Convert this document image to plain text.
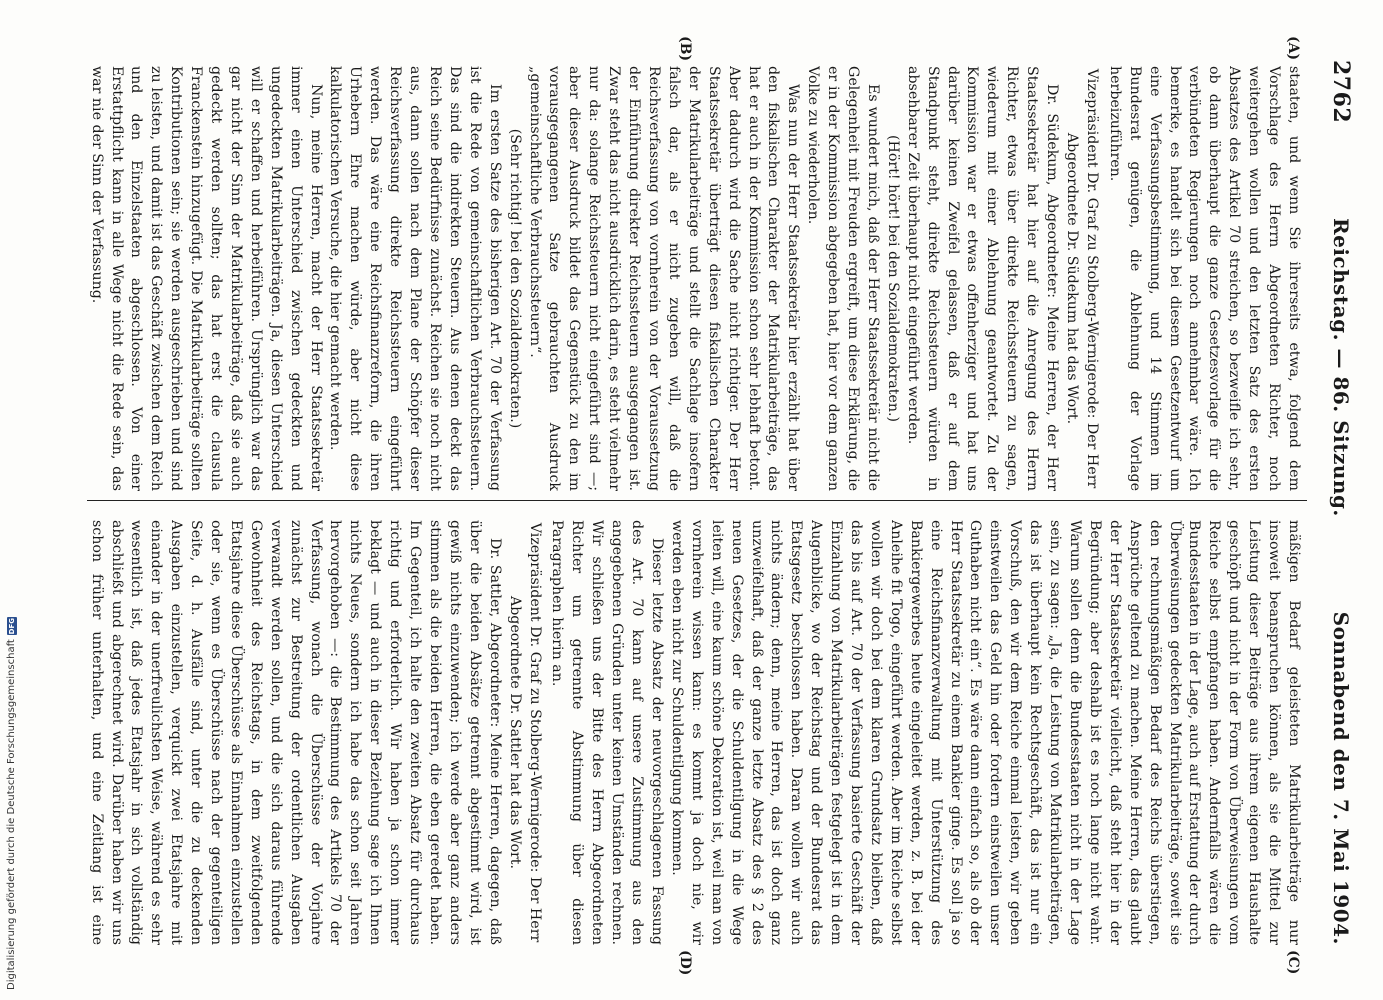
2762
Reichstag. — 86. Sitzung.
Sonnabend den 7. Mai 1904.
(A)
(B)
(C)
(D)

staaten, und wenn Sie ihrerseits etwa, folgend dem Vorschlage des Herrn Abgeordneten Richter, noch weitergehen wollen und den letzten Satz des ersten Absatzes des Artikel 70 streichen, so bezweifle ich sehr, ob dann überhaupt die ganze Gesetzesvorlage für die verbündeten Regierungen noch annehmbar wäre. Ich bemerke, es handelt sich bei diesem Gesetzentwurf um eine Verfassungsbestimmung, und 14 Stimmen im Bundesrat genügen, die Ablehnung der Vorlage herbeizuführen.

Vizepräsident Dr. Graf zu Stolberg-Wernigerode: Der Herr Abgeordnete Dr. Südekum hat das Wort.

Dr. Südekum, Abgeordneter: Meine Herren, der Herr Staatssekretär hat hier auf die Anregung des Herrn Richter, etwas über direkte Reichssteuern zu sagen, wiederum mit einer Ablehnung geantwortet. Zu der Kommission war er etwas offenherziger und hat uns darüber keinen Zweifel gelassen, daß er auf dem Standpunkt steht, direkte Reichssteuern würden in absehbarer Zeit überhaupt nicht eingeführt werden.

(Hört! hört! bei den Sozialdemokraten.)

Es wundert mich, daß der Herr Staatssekretär nicht die Gelegenheit mit Freuden ergreift, um diese Erklärung, die er in der Kommission abgegeben hat, hier vor dem ganzen Volke zu wiederholen.

Was nun der Herr Staatssekretär hier erzählt hat über den fiskalischen Charakter der Matrikularbeiträge, das hat er auch in der Kommission schon sehr lebhaft betont. Aber dadurch wird die Sache nicht richtiger. Der Herr Staatssekretär überträgt diesen fiskalischen Charakter der Matrikularbeiträge und stellt die Sachlage insofern falsch dar, als er nicht zugeben will, daß die Reichsverfassung von vornherein von der Voraussetzung der Einführung direkter Reichssteuern ausgegangen ist. Zwar steht das nicht ausdrücklich darin, es steht vielmehr nur da: solange Reichssteuern nicht eingeführt sind —; aber dieser Ausdruck bildet das Gegenstück zu den im vorausgegangenen Satze gebrauchten Ausdruck „gemeinschaftliche Verbrauchssteuern“.

(Sehr richtig! bei den Sozialdemokraten.)

Im ersten Satze des bisherigen Art. 70 der Verfassung ist die Rede von gemeinschaftlichen Verbrauchssteuern. Das sind die indirekten Steuern. Aus denen deckt das Reich seine Bedürfnisse zunächst. Reichen sie noch nicht aus, dann sollen nach dem Plane der Schöpfer dieser Reichsverfassung direkte Reichssteuern eingeführt werden. Das wäre eine Reichsfinanzreform, die ihren Urhebern Ehre machen würde, aber nicht diese kalkulatorischen Versuche, die hier gemacht werden.

Nun, meine Herren, macht der Herr Staatssekretär immer einen Unterschied zwischen gedeckten und ungedeckten Matrikularbeiträgen. Ja, diesen Unterschied will er schaffen und herbeiführen. Ursprünglich war das gar nicht der Sinn der Matrikularbeiträge, daß sie auch gedeckt werden sollten; das hat erst die clausula Franckenstein hinzugefügt. Die Matrikularbeiträge sollten Kontributionen sein; sie werden ausgeschrieben und sind zu leisten, und damit ist das Geschäft zwischen dem Reich und den Einzelstaaten abgeschlossen. Von einer Erstattpflicht kann in alle Wege nicht die Rede sein, das war nie der Sinn der Verfassung.

mäßigen Bedarf geleisteten Matrikularbeiträge nur insoweit beanspruchen können, als sie die Mittel zur Leistung dieser Beiträge aus ihrem eigenen Haushalte geschöpft und nicht in der Form von Überweisungen vom Reiche selbst empfangen haben. Andernfalls wären die Bundesstaaten in der Lage, auch auf Erstattung der durch Überweisungen gedeckten Matrikularbeiträge, soweit sie den rechnungsmäßigen Bedarf des Reichs überstiegen, Ansprüche geltend zu machen. Meine Herren, das glaubt der Herr Staatssekretär vielleicht, daß steht hier in der Begründung; aber deshalb ist es noch lange nicht wahr. Warum sollen denn die Bundesstaaten nicht in der Lage sein, zu sagen: „Ja, die Leistung von Matrikularbeiträgen, das ist überhaupt kein Rechtsgeschäft, das ist nur ein Vorschuß, den wir dem Reiche einmal leisten, wir geben einstweilen das Geld hin oder fordern einstweilen unser Guthaben nicht ein“. Es wäre dann einfach so, als ob der Herr Staatssekretär zu einem Bankier ginge. Es soll ja so eine Reichsfinanzverwaltung mit Unterstützung des Bankiergewerbes heute eingeleitet werden, z. B. bei der Anleihe fit Togo, eingeführt werden. Aber im Reiche selbst wollen wir doch bei dem klaren Grundsatz bleiben, daß das bis auf Art. 70 der Verfassung basierte Geschäft der Einzahlung von Matrikularbeiträgen festgelegt ist in dem Augenblicke, wo der Reichstag und der Bundesrat das Etatsgesetz beschlossen haben. Daran wollen wir auch nichts ändern; denn, meine Herren, das ist doch ganz unzweifelhaft, daß der ganze letzte Absatz des § 2 des neuen Gesetzes, der die Schuldentilgung in die Wege leiten will, eine kaum schöne Dekoration ist, weil man von vornherein wissen kann: es kommt ja doch nie, wir werden eben nicht zur Schuldentilgung kommen.

Dieser letzte Absatz der neuvorgeschlagenen Fassung des Art. 70 kann auf unsere Zustimmung aus den angegebenen Gründen unter keinen Umständen rechnen. Wir schließen uns der Bitte des Herrn Abgeordneten Richter um getrennte Abstimmung über diesen Paragraphen hierin an.

Vizepräsident Dr. Graf zu Stolberg-Wernigerode: Der Herr Abgeordnete Dr. Sattler hat das Wort.

Dr. Sattler, Abgeordneter: Meine Herren, dagegen, daß über die beiden Absätze getrennt abgestimmt wird, ist gewiß nichts einzuwenden; ich werde aber ganz anders stimmen als die beiden Herren, die eben geredet haben. Im Gegenteil, ich halte den zweiten Absatz für durchaus richtig und erforderlich. Wir haben ja schon immer beklagt — und auch in dieser Beziehung sage ich Ihnen nichts Neues, sondern ich habe das schon seit Jahren hervorgehoben —: die Bestimmung des Artikels 70 der Verfassung, wonach die Überschüsse der Vorjahre zunächst zur Bestreitung der ordentlichen Ausgaben verwandt werden sollen, und die sich daraus führende Gewohnheit des Reichstags, in dem zweitfolgenden Etatsjahre diese Überschüsse als Einnahmen einzustellen oder sie, wenn es Überschüsse nach der gegenteiligen Seite, d. h. Ausfälle sind, unter die zu deckenden Ausgaben einzustellen, verquickt zwei Etatsjahre mit einander in der unerfreulichsten Weise, während es sehr wesentlich ist, daß jedes Etatsjahr in sich vollständig abschließt und abgerechnet wird. Darüber haben wir uns schon früher unterhalten, und eine Zeitlang ist eine

Digitalisierung gefördert durch die Deutsche Forschungsgemeinschaft
DFG
